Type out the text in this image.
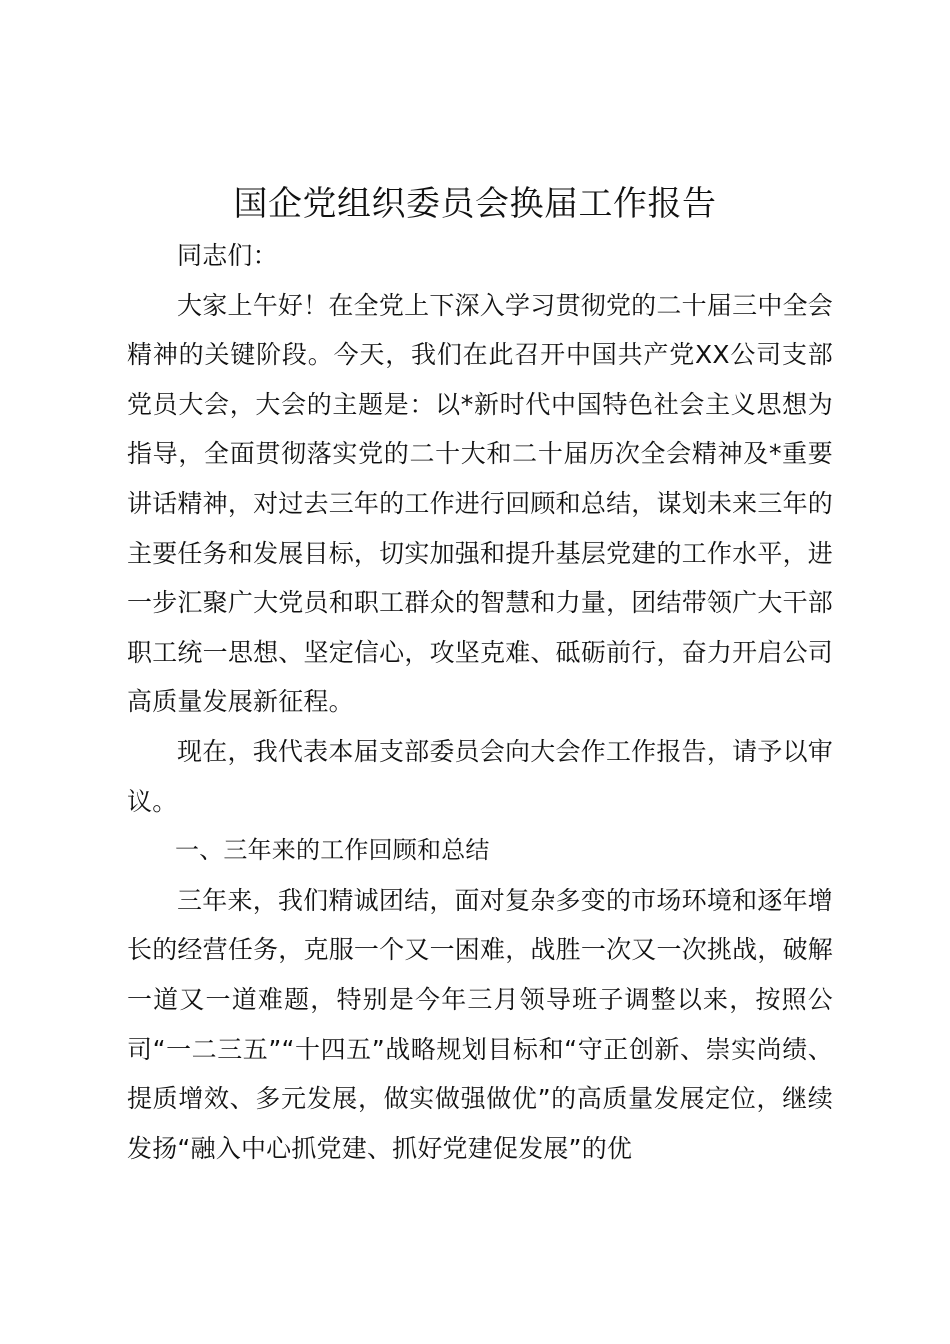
国企党组织委员会换届工作报告

同志们：

大家上午好！在全党上下深入学习贯彻党的二十届三中全会精神的关键阶段。今天，我们在此召开中国共产党XX公司支部党员大会，大会的主题是：以*新时代中国特色社会主义思想为指导，全面贯彻落实党的二十大和二十届历次全会精神及*重要讲话精神，对过去三年的工作进行回顾和总结，谋划未来三年的主要任务和发展目标，切实加强和提升基层党建的工作水平，进一步汇聚广大党员和职工群众的智慧和力量，团结带领广大干部职工统一思想、坚定信心，攻坚克难、砥砺前行，奋力开启公司高质量发展新征程。

现在，我代表本届支部委员会向大会作工作报告，请予以审议。

一、三年来的工作回顾和总结

三年来，我们精诚团结，面对复杂多变的市场环境和逐年增长的经营任务，克服一个又一困难，战胜一次又一次挑战，破解一道又一道难题，特别是今年三月领导班子调整以来，按照公司“一二三五”“十四五”战略规划目标和“守正创新、崇实尚绩、提质增效、多元发展，做实做强做优”的高质量发展定位，继续发扬“融入中心抓党建、抓好党建促发展”的优
